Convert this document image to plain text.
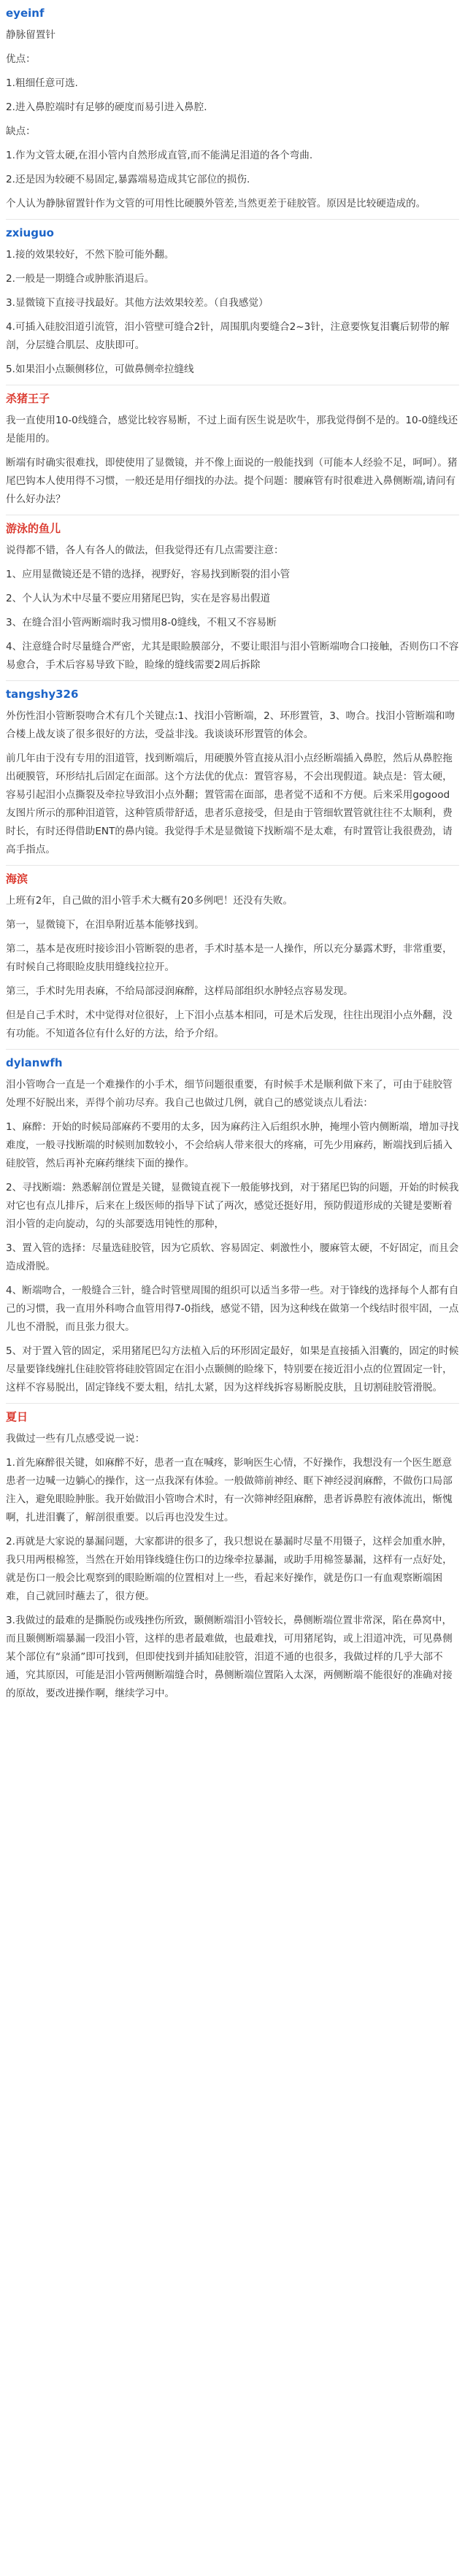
eyeinf

静脉留置针

优点：

1.粗细任意可选.

2.进入鼻腔端时有足够的硬度而易引进入鼻腔.

缺点：

1.作为文管太硬,在泪小管内自然形成直管,而不能满足泪道的各个弯曲.

2.还是因为较硬不易固定,暴露端易造成其它部位的损伤.

个人认为静脉留置针作为文管的可用性比硬膜外管差,当然更差于硅胶管。原因是比较硬造成的。

zxiuguo

1.接的效果较好，不然下脸可能外翻。

2.一般是一期缝合或肿胀消退后。

3.显微镜下直接寻找最好。其他方法效果较差。（自我感觉）

4.可插入硅胶泪道引流管，泪小管壁可缝合2针，周围肌肉要缝合2~3针，注意要恢复泪囊后韧带的解剖，分层缝合肌层、皮肤即可。

5.如果泪小点颞侧移位，可做鼻侧牵拉缝线

杀猪王子

我一直使用10-0线缝合，感觉比较容易断，不过上面有医生说是吹牛，那我觉得倒不是的。10-0缝线还是能用的。

断端有时确实很难找，即使使用了显微镜，并不像上面说的一般能找到（可能本人经验不足，呵呵）。猪尾巴钩本人使用得不习惯，一般还是用仔细找的办法。提个问题：腰麻管有时很难进入鼻侧断端,请问有什么好办法？

游泳的鱼儿

说得都不错，各人有各人的做法，但我觉得还有几点需要注意：

1、应用显微镜还是不错的选择，视野好，容易找到断裂的泪小管

2、个人认为术中尽量不要应用猪尾巴钩，实在是容易出假道

3、在缝合泪小管两断端时我习惯用8-0缝线，不粗又不容易断

4、注意缝合时尽量缝合严密，尤其是眼睑膜部分，不要让眼泪与泪小管断端吻合口接触，否则伤口不容易愈合，手术后容易导致下睑，睑缘的缝线需要2周后拆除

tangshy326

外伤性泪小管断裂吻合术有几个关键点:1、找泪小管断端，2、环形置管，3、吻合。找泪小管断端和吻合楼上战友谈了很多很好的方法，受益非浅。我谈谈环形置管的体会。

前几年由于没有专用的泪道管，找到断端后，用硬膜外管直接从泪小点经断端插入鼻腔，然后从鼻腔拖出硬膜管，环形结扎后固定在面部。这个方法优的优点：置管容易，不会出现假道。缺点是：管太硬，容易引起泪小点撕裂及牵拉导致泪小点外翻；置管需在面部，患者觉不适和不方便。后来采用gogood友图片所示的那种泪道管，这种管质带舒适，患者乐意接受，但是由于管细软置管就往往不太顺利，费时长，有时还得借助ENT的鼻内镜。我觉得手术是显微镜下找断端不是太难，有时置管让我很费劲，请高手指点。

海滨

上班有2年，自己做的泪小管手术大概有20多例吧！还没有失败。

第一，显微镜下，在泪阜附近基本能够找到。

第二，基本是夜班时接诊泪小管断裂的患者，手术时基本是一人操作，所以充分暴露术野，非常重要，有时候自己将眼睑皮肤用缝线拉拉开。

第三，手术时先用表麻，不给局部浸润麻醉，这样局部组织水肿轻点容易发现。

但是自己手术时，术中觉得对位很好，上下泪小点基本相同，可是术后发现，往往出现泪小点外翻，没有功能。不知道各位有什么好的方法，给予介绍。

dylanwfh

泪小管吻合一直是一个难操作的小手术，细节问题很重要，有时候手术是顺利做下来了，可由于硅胶管处理不好脱出来，弄得个前功尽弃。我自己也做过几例，就自己的感觉谈点儿看法：

1、麻醉：开始的时候局部麻药不要用的太多，因为麻药注入后组织水肿，掩埋小管内侧断端，增加寻找难度，一般寻找断端的时候则加数较小，不会给病人带来很大的疼痛，可先少用麻药，断端找到后插入硅胶管，然后再补充麻药继续下面的操作。

2、寻找断端：熟悉解剖位置是关键，显微镜直视下一般能够找到，对于猪尾巴钩的问题，开始的时候我对它也有点儿排斥，后来在上级医师的指导下试了两次，感觉还挺好用，预防假道形成的关键是要断着泪小管的走向旋动，勾的头部要选用钝性的那种，

3、置入管的选择：尽量选硅胶管，因为它质软、容易固定、刺激性小，腰麻管太硬，不好固定，而且会造成滑脱。

4、断端吻合，一般缝合三针，缝合时管壁周围的组织可以适当多带一些。对于锋线的选择每个人都有自己的习惯，我一直用外科吻合血管用得7-0指线，感觉不错，因为这种线在做第一个线结时很牢固，一点儿也不滑脱，而且张力很大。

5、对于置入管的固定，采用猪尾巴勾方法植入后的环形固定最好，如果是直接插入泪囊的，固定的时候尽量要锋线缠扎住硅胶管将硅胶管固定在泪小点颞侧的睑缘下，特别要在接近泪小点的位置固定一针，这样不容易脱出，固定锋线不要太粗，结扎太紧，因为这样线拆容易断脱皮肤，且切割硅胶管滑脱。

夏日

我做过一些有几点感受说一说：

1.首先麻醉很关键，如麻醉不好，患者一直在喊疼，影响医生心情，不好操作，我想没有一个医生愿意患者一边喊一边躺心的操作，这一点我深有体验。一般做筛前神经、眶下神经浸润麻醉，不做伤口局部注入，避免眼睑肿胀。我开始做泪小管吻合术时，有一次筛神经阻麻醉，患者诉鼻腔有液体流出，惭愧啊，扎进泪囊了，解剖很重要。以后再也没发生过。

2.再就是大家说的暴漏问题，大家都讲的很多了，我只想说在暴漏时尽量不用镊子，这样会加重水肿，我只用两根棉签，当然在开始用锋线缝住伤口的边缘牵拉暴漏，或助手用棉签暴漏，这样有一点好处，就是伤口一般会比观察到的眼睑断端的位置相对上一些，看起来好操作，就是伤口一有血观察断端困难，自己就回时蘸去了，很方便。

3.我做过的最难的是撕脱伤或残挫伤所致，颞侧断端泪小管较长，鼻侧断端位置非常深，陷在鼻窝中，而且颞侧断端暴漏一段泪小管，这样的患者最难做，也最难找，可用猪尾钩，或上泪道冲洗，可见鼻侧某个部位有“泉涌”即可找到，但即使找到并插知硅胶管，泪道不通的也很多，我做过样的几乎大部不通，究其原因，可能是泪小管两侧断端缝合时，鼻侧断端位置陷入太深，两侧断端不能很好的准确对接的原故，要改进操作啊，继续学习中。
